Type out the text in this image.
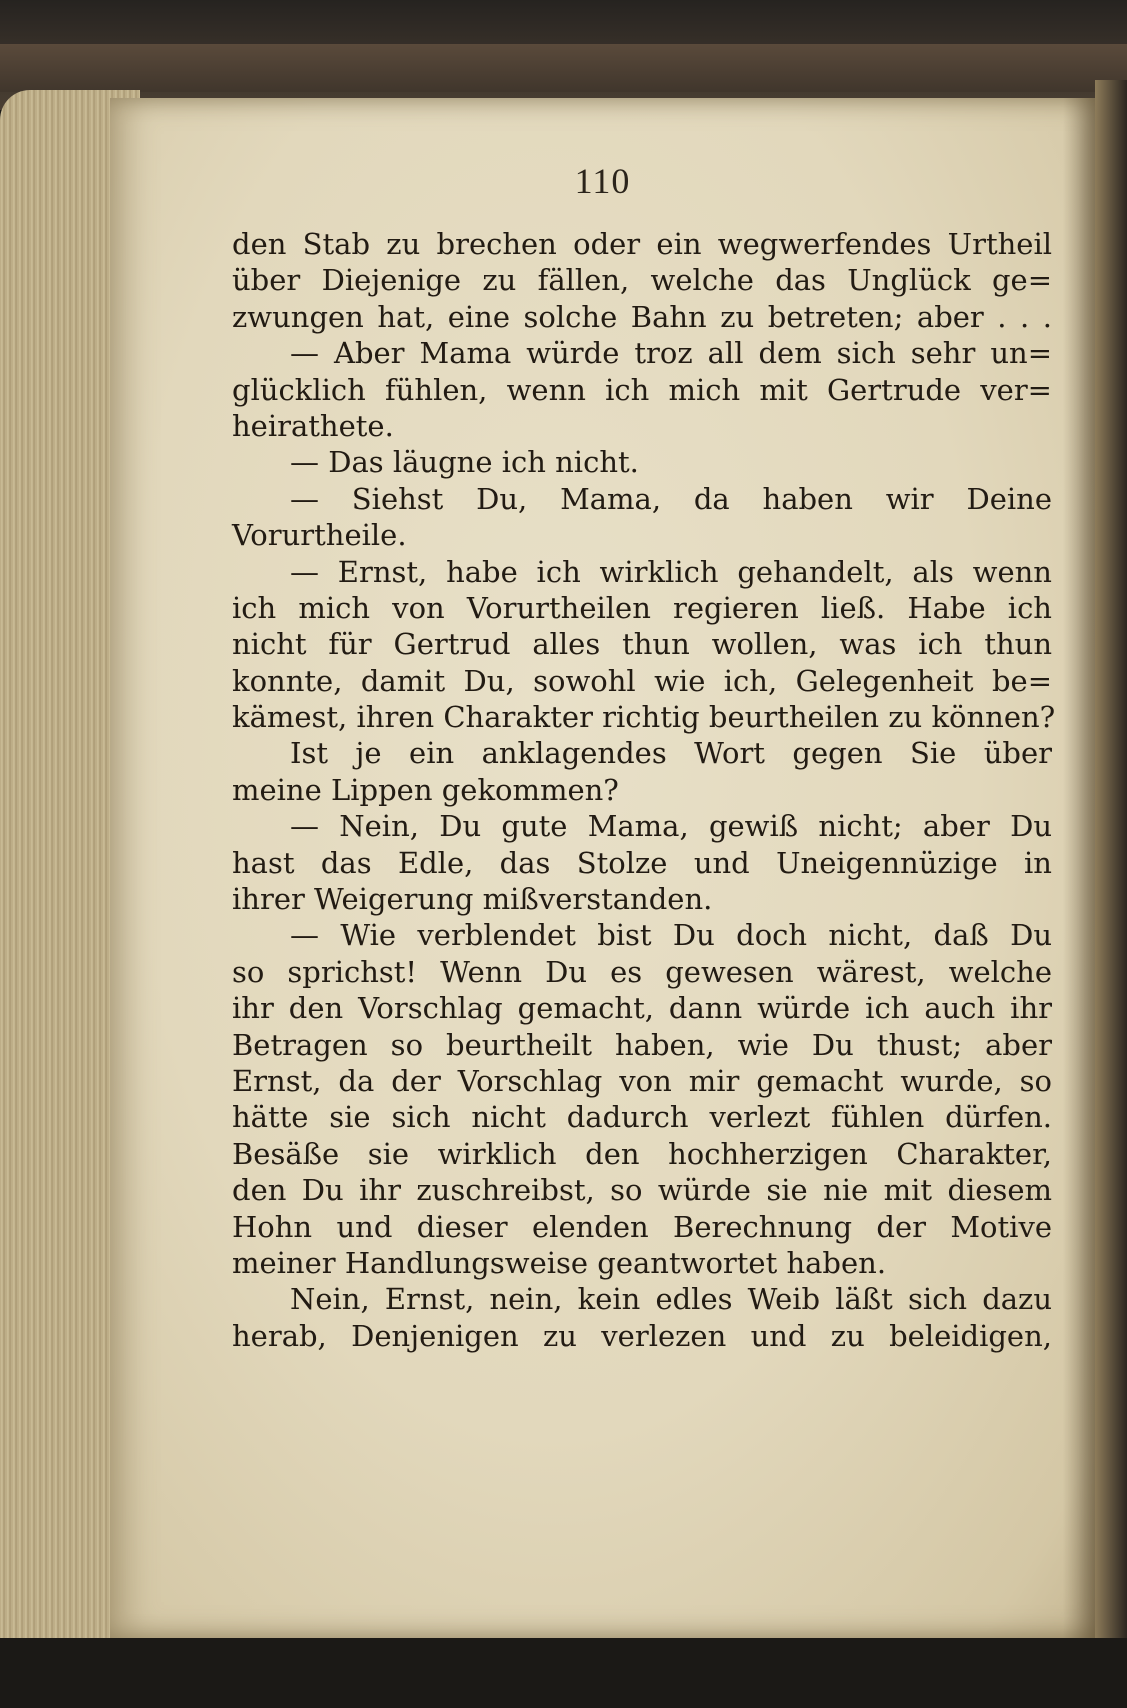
110
den Stab zu brechen oder ein wegwerfendes Urtheil
über Diejenige zu fällen, welche das Unglück ge=
zwungen hat, eine solche Bahn zu betreten; aber . . .
— Aber Mama würde troz all dem sich sehr un=
glücklich fühlen, wenn ich mich mit Gertrude ver=
heirathete.
— Das läugne ich nicht.
— Siehst Du, Mama, da haben wir Deine
Vorurtheile.
— Ernst, habe ich wirklich gehandelt, als wenn
ich mich von Vorurtheilen regieren ließ. Habe ich
nicht für Gertrud alles thun wollen, was ich thun
konnte, damit Du, sowohl wie ich, Gelegenheit be=
kämest, ihren Charakter richtig beurtheilen zu können?
Ist je ein anklagendes Wort gegen Sie über
meine Lippen gekommen?
— Nein, Du gute Mama, gewiß nicht; aber Du
hast das Edle, das Stolze und Uneigennüzige in
ihrer Weigerung mißverstanden.
— Wie verblendet bist Du doch nicht, daß Du
so sprichst! Wenn Du es gewesen wärest, welche
ihr den Vorschlag gemacht, dann würde ich auch ihr
Betragen so beurtheilt haben, wie Du thust; aber
Ernst, da der Vorschlag von mir gemacht wurde, so
hätte sie sich nicht dadurch verlezt fühlen dürfen.
Besäße sie wirklich den hochherzigen Charakter,
den Du ihr zuschreibst, so würde sie nie mit diesem
Hohn und dieser elenden Berechnung der Motive
meiner Handlungsweise geantwortet haben.
Nein, Ernst, nein, kein edles Weib läßt sich dazu
herab, Denjenigen zu verlezen und zu beleidigen,
